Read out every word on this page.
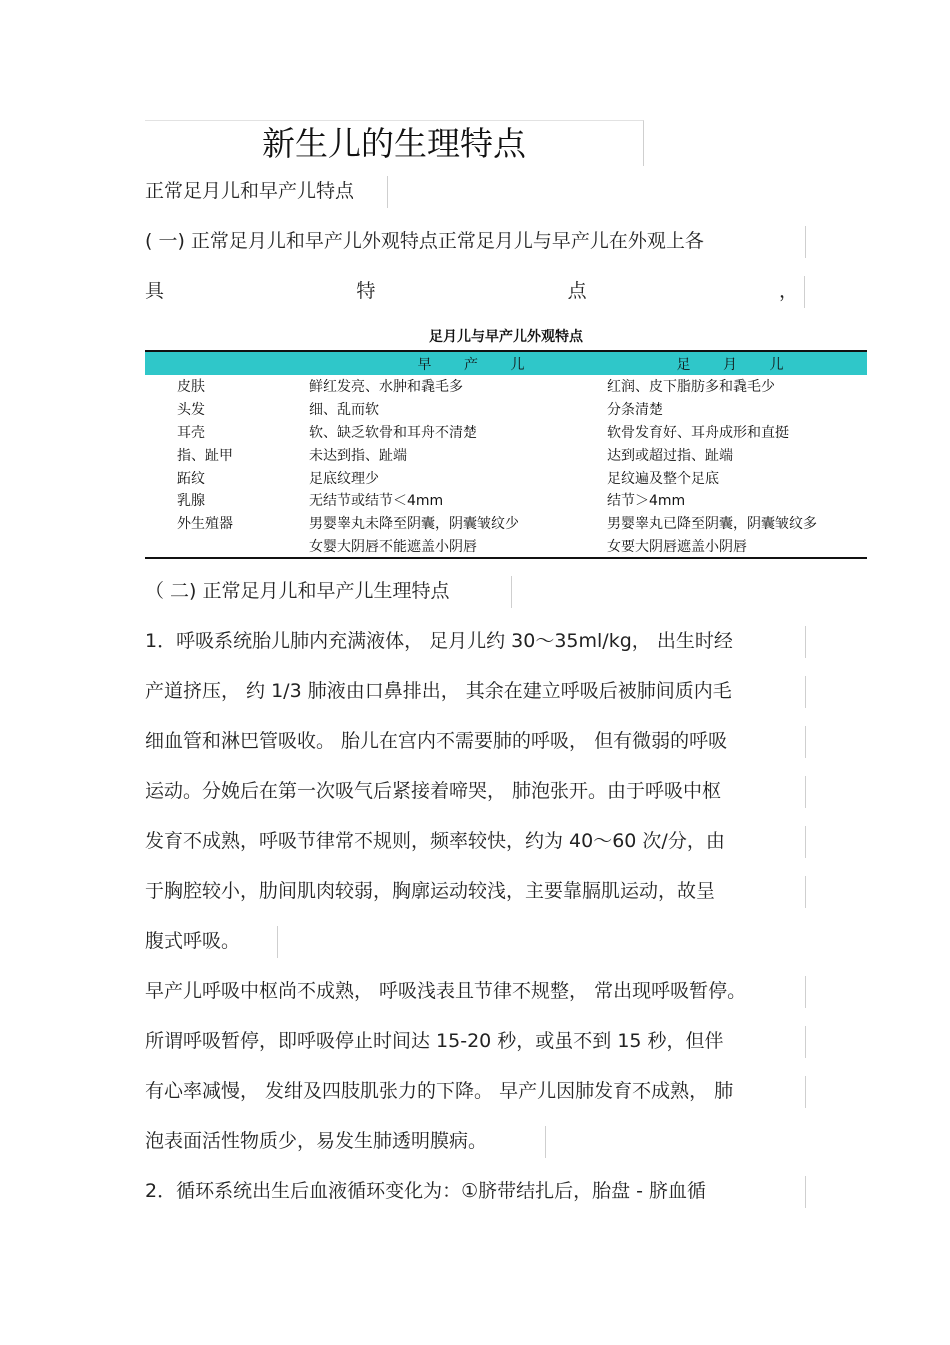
新生儿的生理特点
正常足月儿和早产儿特点
( 一) 正常足月儿和早产儿外观特点正常足月儿与早产儿在外观上各
具	特	点	，
足月儿与早产儿外观特点
	早 产 儿	足 月 儿
皮肤	鲜红发亮、水肿和毳毛多	红润、皮下脂肪多和毳毛少
头发	细、乱而软	分条清楚
耳壳	软、缺乏软骨和耳舟不清楚	软骨发育好、耳舟成形和直挺
指、趾甲	未达到指、趾端	达到或超过指、趾端
跖纹	足底纹理少	足纹遍及整个足底
乳腺	无结节或结节＜4mm	结节＞4mm
外生殖器	男婴睾丸未降至阴囊，阴囊皱纹少	男婴睾丸已降至阴囊，阴囊皱纹多
	女婴大阴唇不能遮盖小阴唇	女要大阴唇遮盖小阴唇
（ 二) 正常足月儿和早产儿生理特点
1．呼吸系统胎儿肺内充满液体， 足月儿约 30～35ml/kg， 出生时经
产道挤压， 约 1/3 肺液由口鼻排出， 其余在建立呼吸后被肺间质内毛
细血管和淋巴管吸收。 胎儿在宫内不需要肺的呼吸， 但有微弱的呼吸
运动。分娩后在第一次吸气后紧接着啼哭， 肺泡张开。由于呼吸中枢
发育不成熟，呼吸节律常不规则，频率较快，约为 40～60 次/分，由
于胸腔较小，肋间肌肉较弱，胸廓运动较浅，主要靠膈肌运动，故呈
腹式呼吸。
早产儿呼吸中枢尚不成熟， 呼吸浅表且节律不规整， 常出现呼吸暂停。
所谓呼吸暂停，即呼吸停止时间达 15-20 秒，或虽不到 15 秒，但伴
有心率减慢， 发绀及四肢肌张力的下降。 早产儿因肺发育不成熟， 肺
泡表面活性物质少，易发生肺透明膜病。
2．循环系统出生后血液循环变化为：①脐带结扎后，胎盘 - 脐血循
